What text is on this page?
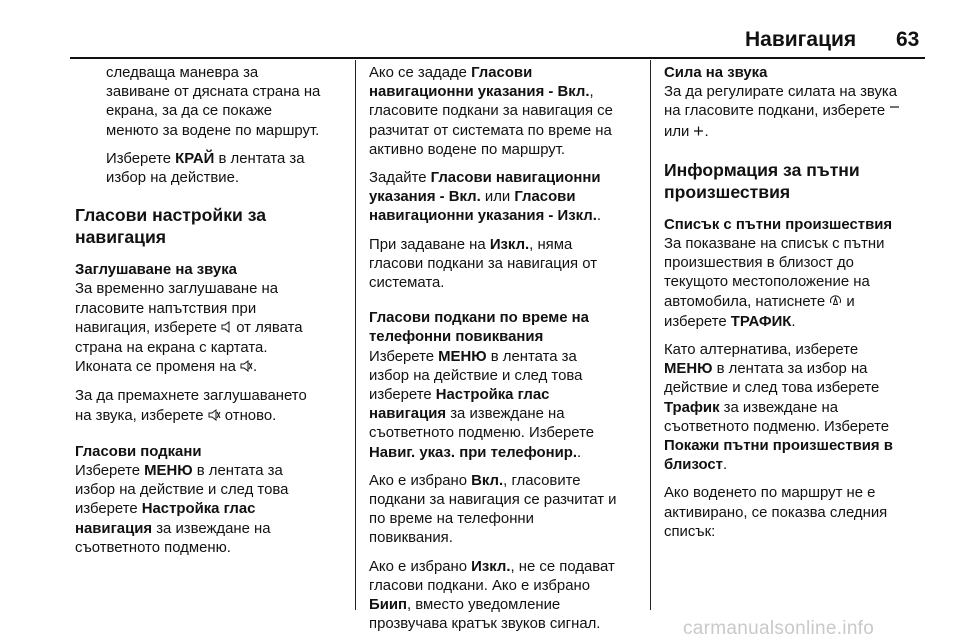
Навигация 63
следваща маневра за
завиване от дясната страна на
екрана, за да се покаже
менюто за водене по маршрут.
Изберете КРАЙ в лентата за
избор на действие.
Гласови настройки за
навигация
Заглушаване на звука
За временно заглушаване на
гласовите напътствия при
навигация, изберете  от лявата
страна на екрана с картата.
Иконата се променя на .
За да премахнете заглушаването
на звука, изберете  отново.
Гласови подкани
Изберете МЕНЮ в лентата за
избор на действие и след това
изберете Настройка глас
навигация за извеждане на
съответното подменю.
Ако се зададе Гласови
навигационни указания - Вкл.,
гласовите подкани за навигация се
разчитат от системата по време на
активно водене по маршрут.
Задайте Гласови навигационни
указания - Вкл. или Гласови
навигационни указания - Изкл..
При задаване на Изкл., няма
гласови подкани за навигация от
системата.
Гласови подкани по време на
телефонни повиквания
Изберете МЕНЮ в лентата за
избор на действие и след това
изберете Настройка глас
навигация за извеждане на
съответното подменю. Изберете
Навиг. указ. при телефонир..
Ако е избрано Вкл., гласовите
подкани за навигация се разчитат и
по време на телефонни
повиквания.
Ако е избрано Изкл., не се подават
гласови подкани. Ако е избрано
Биип, вместо уведомление
прозвучава кратък звуков сигнал.
Сила на звука
За да регулирате силата на звука
на гласовите подкани, изберете
или .
Информация за пътни
произшествия
Списък с пътни произшествия
За показване на списък с пътни
произшествия в близост до
текущото местоположение на
автомобила, натиснете  и
изберете ТРАФИК.
Като алтернатива, изберете
МЕНЮ в лентата за избор на
действие и след това изберете
Трафик за извеждане на
съответното подменю. Изберете
Покажи пътни произшествия в
близост.
Ако воденето по маршрут не е
активирано, се показва следния
списък:
carmanualsonline.info
